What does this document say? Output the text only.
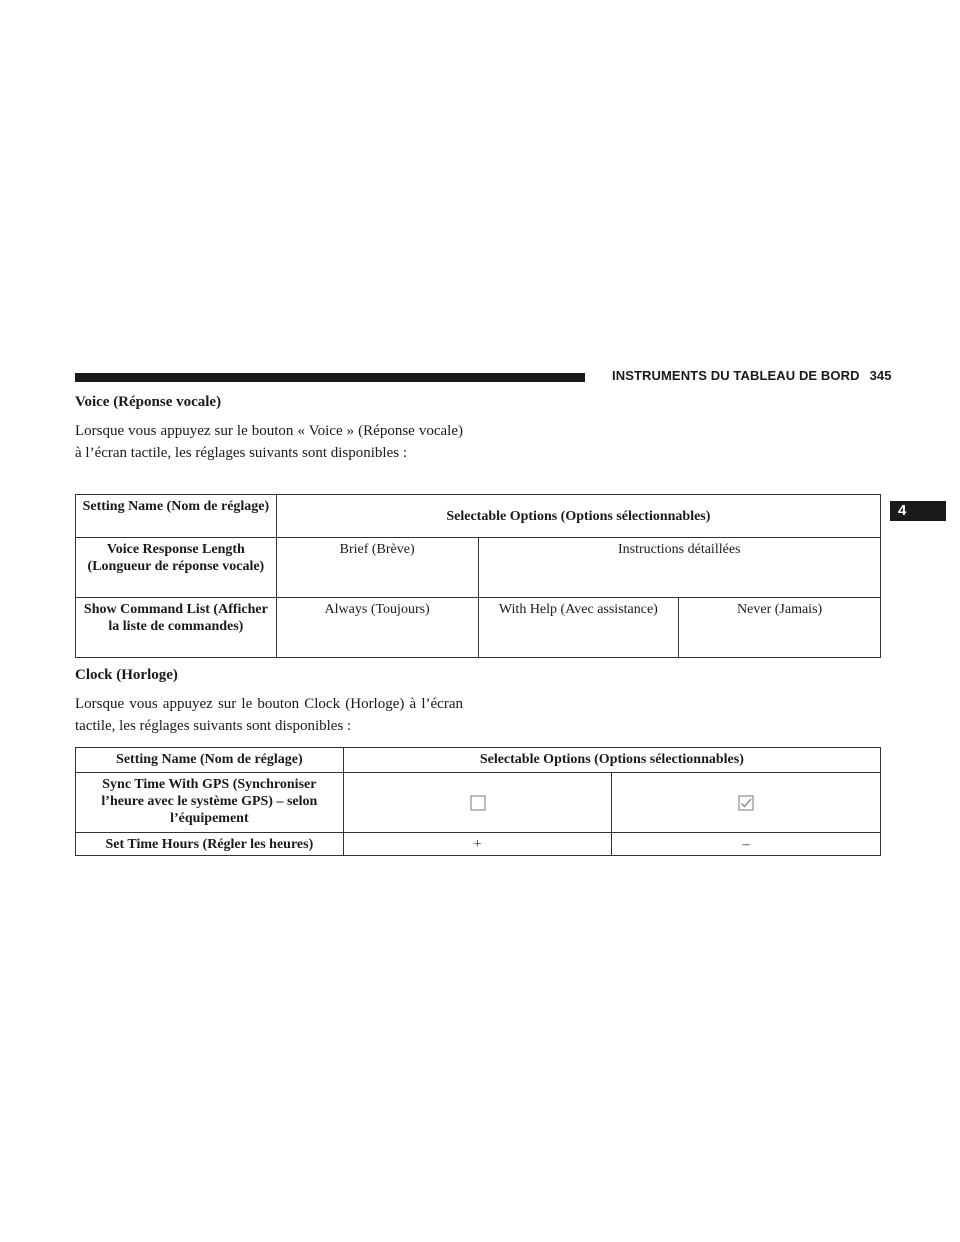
INSTRUMENTS DU TABLEAU DE BORD 345
4
Voice (Réponse vocale)
Lorsque vous appuyez sur le bouton « Voice » (Réponse vocale) à l’écran tactile, les réglages suivants sont disponibles :
Setting Name (Nom de réglage)	Selectable Options (Options sélectionnables)		
Voice Response Length (Longueur de réponse vocale)	Brief (Brève)	Instructions détaillées	
Show Command List (Afficher la liste de commandes)	Always (Toujours)	With Help (Avec assistance)	Never (Jamais)
Clock (Horloge)
Lorsque vous appuyez sur le bouton Clock (Horloge) à l’écran tactile, les réglages suivants sont disponibles :
Setting Name (Nom de réglage)	Selectable Options (Options sélectionnables)	
Sync Time With GPS (Synchroniser l’heure avec le système GPS) – selon l’équipement		
Set Time Hours (Régler les heures)	+	–
